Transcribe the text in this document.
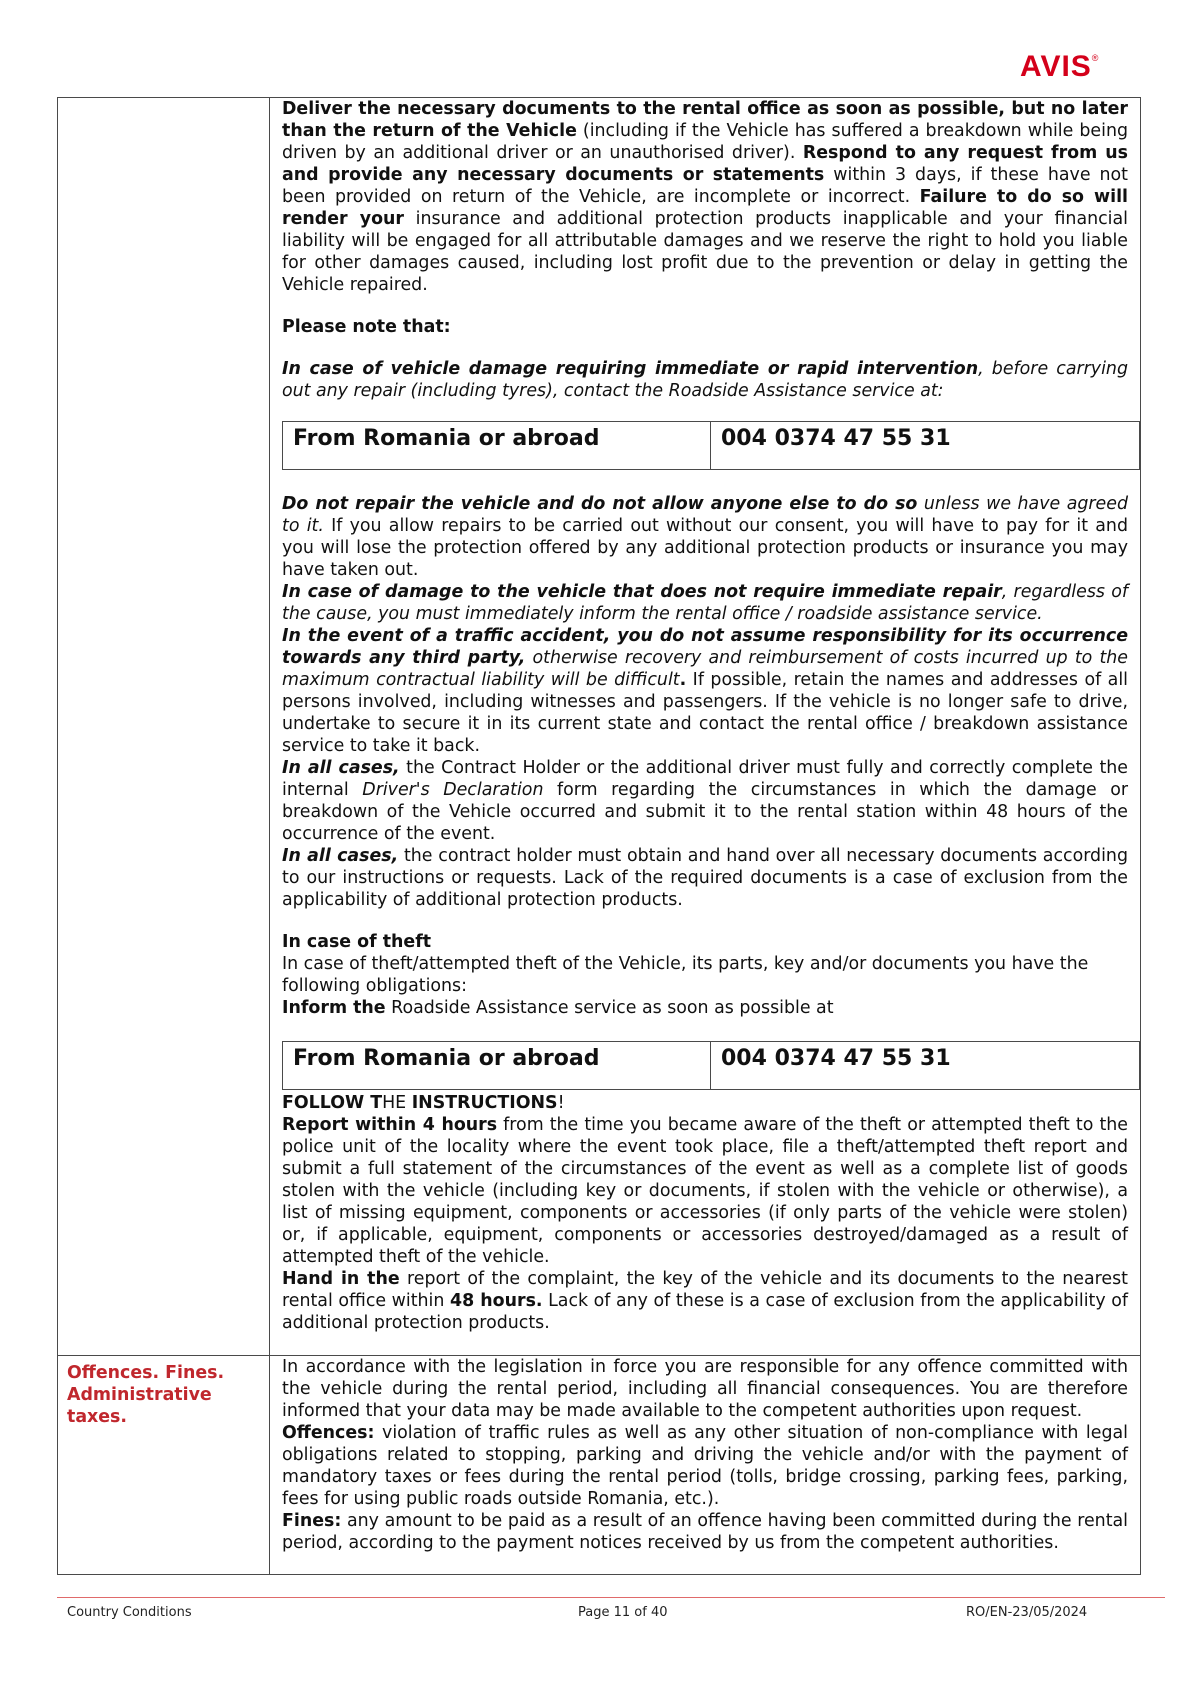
AVIS®

Deliver the necessary documents to the rental office as soon as possible, but no later than the return of the Vehicle (including if the Vehicle has suffered a breakdown while being driven by an additional driver or an unauthorised driver). Respond to any request from us and provide any necessary documents or statements within 3 days, if these have not been provided on return of the Vehicle, are incomplete or incorrect. Failure to do so will render your insurance and additional protection products inapplicable and your financial liability will be engaged for all attributable damages and we reserve the right to hold you liable for other damages caused, including lost profit due to the prevention or delay in getting the Vehicle repaired.

Please note that:

In case of vehicle damage requiring immediate or rapid intervention, before carrying out any repair (including tyres), contact the Roadside Assistance service at:

From Romania or abroad	004 0374 47 55 31

Do not repair the vehicle and do not allow anyone else to do so unless we have agreed to it. If you allow repairs to be carried out without our consent, you will have to pay for it and you will lose the protection offered by any additional protection products or insurance you may have taken out.

In case of damage to the vehicle that does not require immediate repair, regardless of the cause, you must immediately inform the rental office / roadside assistance service.

In the event of a traffic accident, you do not assume responsibility for its occurrence towards any third party, otherwise recovery and reimbursement of costs incurred up to the maximum contractual liability will be difficult. If possible, retain the names and addresses of all persons involved, including witnesses and passengers. If the vehicle is no longer safe to drive, undertake to secure it in its current state and contact the rental office / breakdown assistance service to take it back.

In all cases, the Contract Holder or the additional driver must fully and correctly complete the internal Driver's Declaration form regarding the circumstances in which the damage or breakdown of the Vehicle occurred and submit it to the rental station within 48 hours of the occurrence of the event.

In all cases, the contract holder must obtain and hand over all necessary documents according to our instructions or requests. Lack of the required documents is a case of exclusion from the applicability of additional protection products.

In case of theft

In case of theft/attempted theft of the Vehicle, its parts, key and/or documents you have the following obligations:

Inform the Roadside Assistance service as soon as possible at

From Romania or abroad	004 0374 47 55 31

FOLLOW THE INSTRUCTIONS!

Report within 4 hours from the time you became aware of the theft or attempted theft to the police unit of the locality where the event took place, file a theft/attempted theft report and submit a full statement of the circumstances of the event as well as a complete list of goods stolen with the vehicle (including key or documents, if stolen with the vehicle or otherwise), a list of missing equipment, components or accessories (if only parts of the vehicle were stolen) or, if applicable, equipment, components or accessories destroyed/damaged as a result of attempted theft of the vehicle.

Hand in the report of the complaint, the key of the vehicle and its documents to the nearest rental office within 48 hours. Lack of any of these is a case of exclusion from the applicability of additional protection products.

Offences. Fines. Administrative taxes.

In accordance with the legislation in force you are responsible for any offence committed with the vehicle during the rental period, including all financial consequences. You are therefore informed that your data may be made available to the competent authorities upon request.

Offences: violation of traffic rules as well as any other situation of non-compliance with legal obligations related to stopping, parking and driving the vehicle and/or with the payment of mandatory taxes or fees during the rental period (tolls, bridge crossing, parking fees, parking, fees for using public roads outside Romania, etc.).

Fines: any amount to be paid as a result of an offence having been committed during the rental period, according to the payment notices received by us from the competent authorities.

Country Conditions	Page 11 of 40	RO/EN-23/05/2024
